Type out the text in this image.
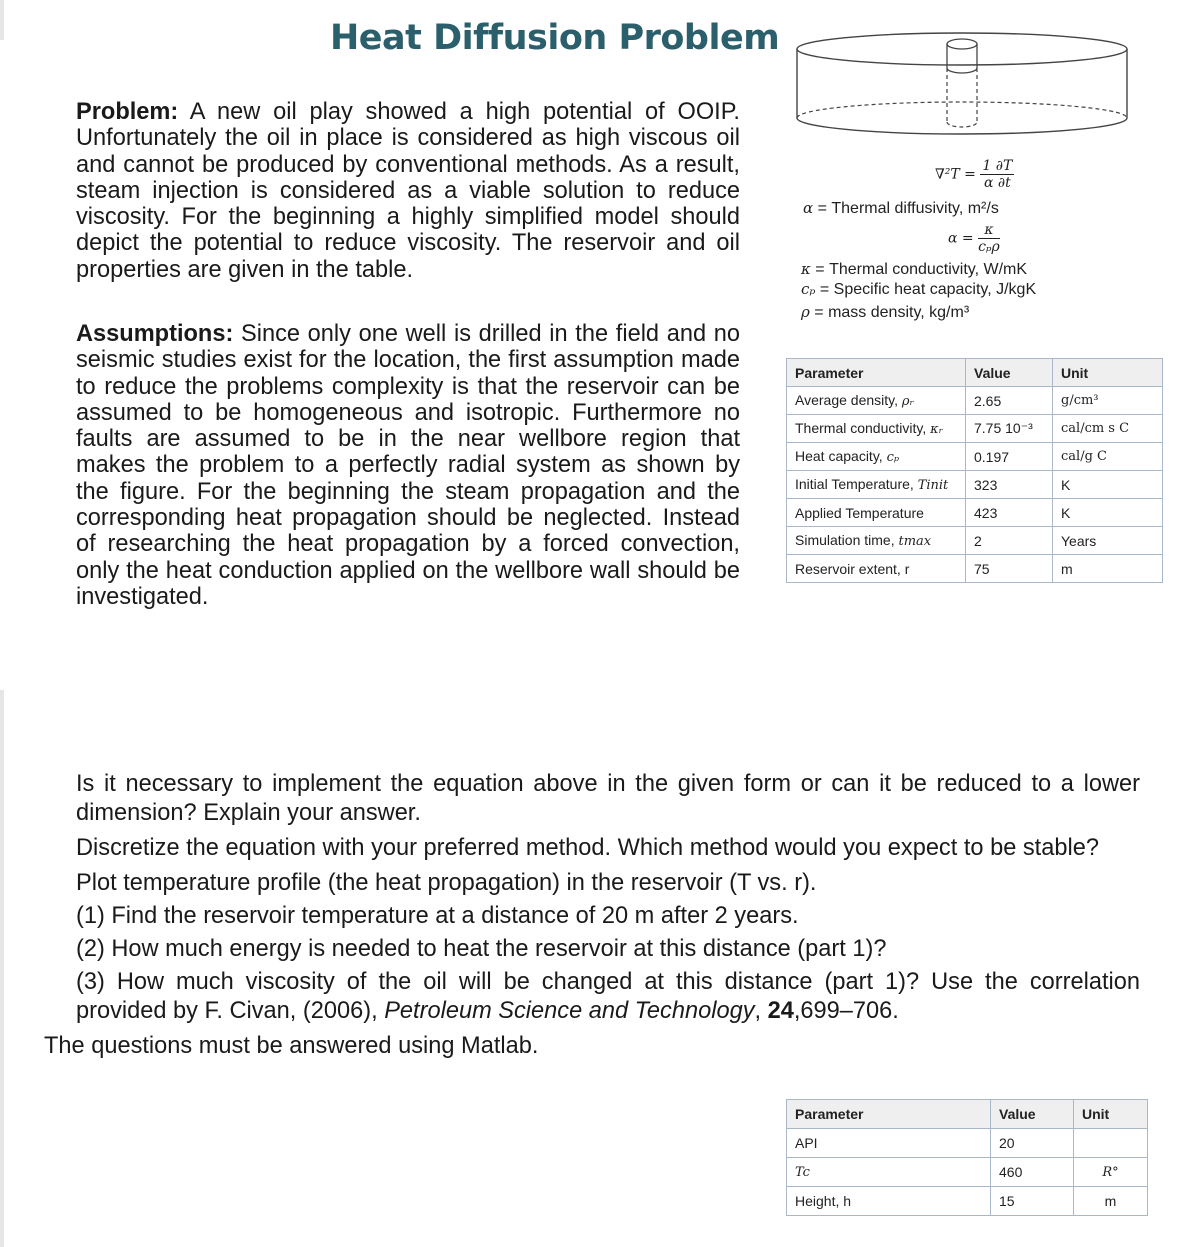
Heat Diffusion Problem
Problem: A new oil play showed a high potential of OOIP. Unfortunately the oil in place is considered as high viscous oil and cannot be produced by conventional methods. As a result, steam injection is considered as a viable solution to reduce viscosity. For the beginning a highly simplified model should depict the potential to reduce viscosity. The reservoir and oil properties are given in the table.
Assumptions: Since only one well is drilled in the field and no seismic studies exist for the location, the first assumption made to reduce the problems complexity is that the reservoir can be assumed to be homogeneous and isotropic. Furthermore no faults are assumed to be in the near wellbore region that makes the problem to a perfectly radial system as shown by the figure. For the beginning the steam propagation and the corresponding heat propagation should be neglected. Instead of researching the heat propagation by a forced convection, only the heat conduction applied on the wellbore wall should be investigated.
$\nabla^2T = \frac{1 \partial T}{\alpha \partial t}$
α = Thermal diffusivity, m²/s
$\alpha = \frac{\kappa}{\text{cₚρ}}$
κ = Thermal conductivity, W/mK
cₚ = Specific heat capacity, J/kgK
ρ = mass density, kg/m³
Parameter	Value	Unit
Average density, ρᵣ	2.65	g/cm³
Thermal conductivity, κᵣ	7.75 10⁻³	cal/cm s C
Heat capacity, cₚ	0.197	cal/g C
Initial Temperature, Tinit	323	K
Applied Temperature	423	K
Simulation time, tmax	2	Years
Reservoir extent, r	75	m

Is it necessary to implement the equation above in the given form or can it be reduced to a lower dimension? Explain your answer.

Discretize the equation with your preferred method. Which method would you expect to be stable?

Plot temperature profile (the heat propagation) in the reservoir (T vs. r).

(1) Find the reservoir temperature at a distance of 20 m after 2 years.

(2) How much energy is needed to heat the reservoir at this distance (part 1)?

(3) How much viscosity of the oil will be changed at this distance (part 1)? Use the correlation provided by F. Civan, (2006), Petroleum Science and Technology, 24,699–706.

The questions must be answered using Matlab.
Parameter	Value	Unit
API	20	
Tc	460	R°
Height, h	15	m
